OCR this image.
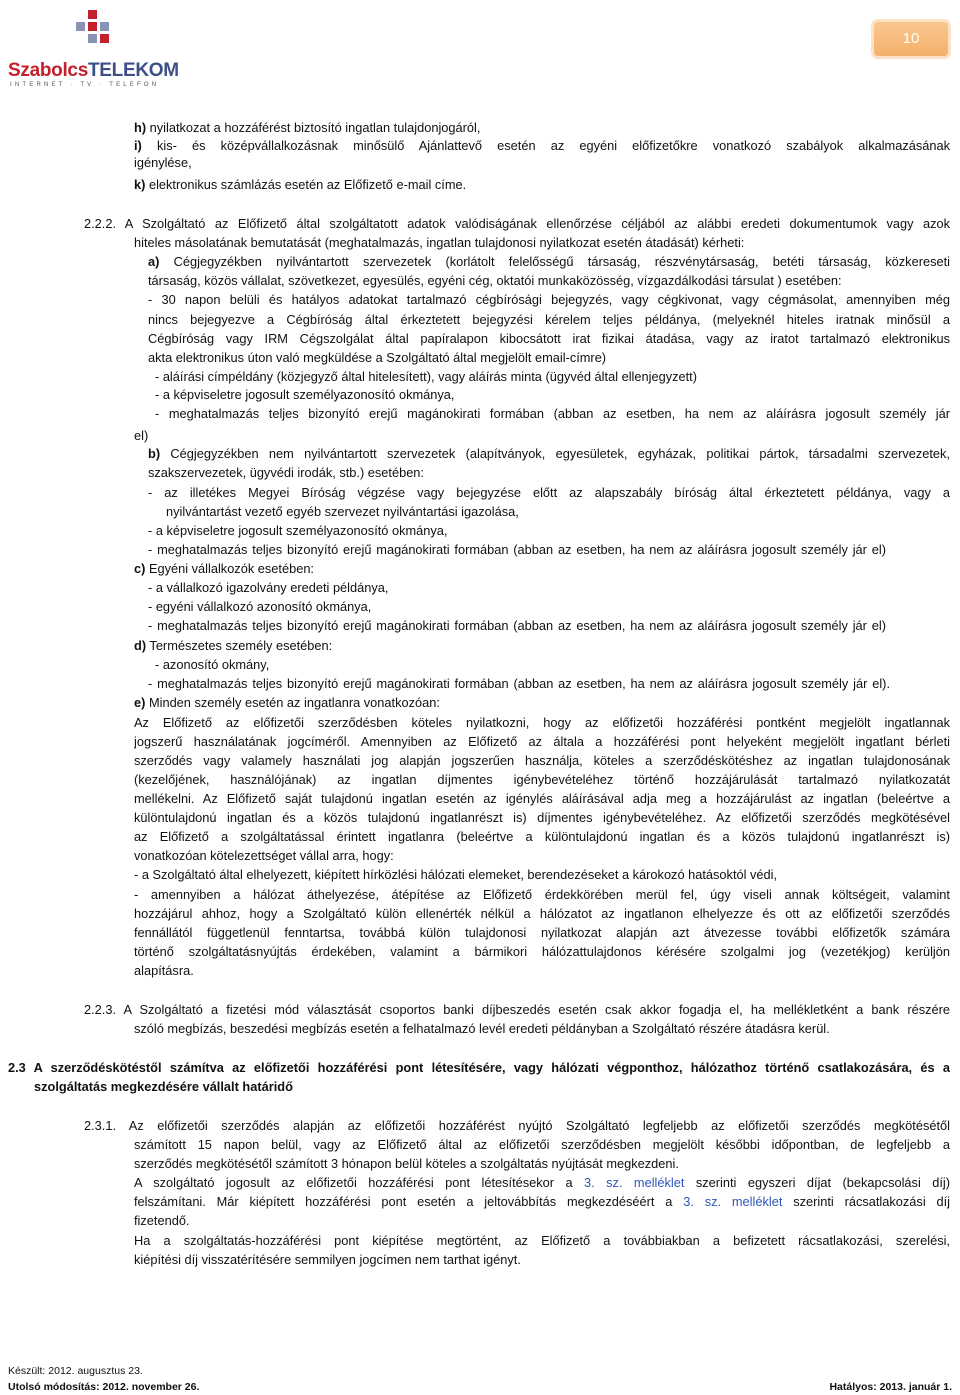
SzabolcsTELEKOM
INTERNET · TV · TELEFON
10
h) nyilatkozat a hozzáférést biztosító ingatlan tulajdonjogáról,
i) kis- és középvállalkozásnak minősülő Ajánlattevő esetén az egyéni előfizetőkre vonatkozó szabályok alkalmazásának
igénylése,
k) elektronikus számlázás esetén az Előfizető e-mail címe.
2.2.2. A Szolgáltató az Előfizető által szolgáltatott adatok valódiságának ellenőrzése céljából az alábbi eredeti dokumentumok vagy azok
hiteles másolatának bemutatását (meghatalmazás, ingatlan tulajdonosi nyilatkozat esetén átadását) kérheti:
a) Cégjegyzékben nyilvántartott szervezetek (korlátolt felelősségű társaság, részvénytársaság, betéti társaság, közkereseti
társaság, közös vállalat, szövetkezet, egyesülés, egyéni cég, oktatói munkaközösség, vízgazdálkodási társulat ) esetében:
- 30 napon belüli és hatályos adatokat tartalmazó cégbírósági bejegyzés, vagy cégkivonat, vagy cégmásolat, amennyiben még
nincs bejegyezve a Cégbíróság által érkeztetett bejegyzési kérelem teljes példánya, (melyeknél hiteles iratnak minősül a
Cégbíróság vagy IRM Cégszolgálat által papíralapon kibocsátott irat fizikai átadása, vagy az iratot tartalmazó elektronikus
akta elektronikus úton való megküldése a Szolgáltató által megjelölt email-címre)
- aláírási címpéldány (közjegyző által hitelesített), vagy aláírás minta (ügyvéd által ellenjegyzett)
- a képviseletre jogosult személyazonosító okmánya,
- meghatalmazás teljes bizonyító erejű magánokirati formában (abban az esetben, ha nem az aláírásra jogosult személy jár
el)
b) Cégjegyzékben nem nyilvántartott szervezetek (alapítványok, egyesületek, egyházak, politikai pártok, társadalmi szervezetek,
szakszervezetek, ügyvédi irodák, stb.) esetében:
- az illetékes Megyei Bíróság végzése vagy bejegyzése előtt az alapszabály bíróság által érkeztetett példánya, vagy a
nyilvántartást vezető egyéb szervezet nyilvántartási igazolása,
- a képviseletre jogosult személyazonosító okmánya,
- meghatalmazás teljes bizonyító erejű magánokirati formában (abban az esetben, ha nem az aláírásra jogosult személy jár el)
c) Egyéni vállalkozók esetében:
- a vállalkozó igazolvány eredeti példánya,
- egyéni vállalkozó azonosító okmánya,
- meghatalmazás teljes bizonyító erejű magánokirati formában (abban az esetben, ha nem az aláírásra jogosult személy jár el)
d) Természetes személy esetében:
- azonosító okmány,
- meghatalmazás teljes bizonyító erejű magánokirati formában (abban az esetben, ha nem az aláírásra jogosult személy jár el).
e) Minden személy esetén az ingatlanra vonatkozóan:
Az Előfizető az előfizetői szerződésben köteles nyilatkozni, hogy az előfizetői hozzáférési pontként megjelölt ingatlannak
jogszerű használatának jogcíméről. Amennyiben az Előfizető az általa a hozzáférési pont helyeként megjelölt ingatlant bérleti
szerződés vagy valamely használati jog alapján jogszerűen használja, köteles a szerződéskötéshez az ingatlan tulajdonosának
(kezelőjének, használójának) az ingatlan díjmentes igénybevételéhez történő hozzájárulását tartalmazó nyilatkozatát
mellékelni. Az Előfizető saját tulajdonú ingatlan esetén az igénylés aláírásával adja meg a hozzájárulást az ingatlan (beleértve a
különtulajdonú ingatlan és a közös tulajdonú ingatlanrészt is) díjmentes igénybevételéhez. Az előfizetői szerződés megkötésével
az Előfizető a szolgáltatással érintett ingatlanra (beleértve a különtulajdonú ingatlan és a közös tulajdonú ingatlanrészt is)
vonatkozóan kötelezettséget vállal arra, hogy:
- a Szolgáltató által elhelyezett, kiépített hírközlési hálózati elemeket, berendezéseket a károkozó hatásoktól védi,
- amennyiben a hálózat áthelyezése, átépítése az Előfizető érdekkörében merül fel, úgy viseli annak költségeit, valamint
hozzájárul ahhoz, hogy a Szolgáltató külön ellenérték nélkül a hálózatot az ingatlanon elhelyezze és ott az előfizetői szerződés
fennállától függetlenül fenntartsa, továbbá külön tulajdonosi nyilatkozat alapján azt átvezesse további előfizetők számára
történő szolgáltatásnyújtás érdekében, valamint a bármikori hálózattulajdonos kérésére szolgalmi jog (vezetékjog) kerüljön
alapításra.
2.2.3. A Szolgáltató a fizetési mód választását csoportos banki díjbeszedés esetén csak akkor fogadja el, ha mellékletként a bank részére
szóló megbízás, beszedési megbízás esetén a felhatalmazó levél eredeti példányban a Szolgáltató részére átadásra kerül.
2.3 A szerződéskötéstől számítva az előfizetői hozzáférési pont létesítésére, vagy hálózati végponthoz, hálózathoz történő csatlakozására, és a
szolgáltatás megkezdésére vállalt határidő
2.3.1. Az előfizetői szerződés alapján az előfizetői hozzáférést nyújtó Szolgáltató legfeljebb az előfizetői szerződés megkötésétől
számított 15 napon belül, vagy az Előfizető által az előfizetői szerződésben megjelölt későbbi időpontban, de legfeljebb a
szerződés megkötésétől számított 3 hónapon belül köteles a szolgáltatás nyújtását megkezdeni.
A szolgáltató jogosult az előfizetői hozzáférési pont létesítésekor a 3. sz. melléklet szerinti egyszeri díjat (bekapcsolási díj)
felszámítani. Már kiépített hozzáférési pont esetén a jeltovábbítás megkezdéséért a 3. sz. melléklet szerinti rácsatlakozási díj
fizetendő.
Ha a szolgáltatás-hozzáférési pont kiépítése megtörtént, az Előfizető a továbbiakban a befizetett rácsatlakozási, szerelési,
kiépítési díj visszatérítésére semmilyen jogcímen nem tarthat igényt.
Készült: 2012. augusztus 23.
Utolsó módosítás: 2012. november 26.	Hatályos: 2013. január 1.
